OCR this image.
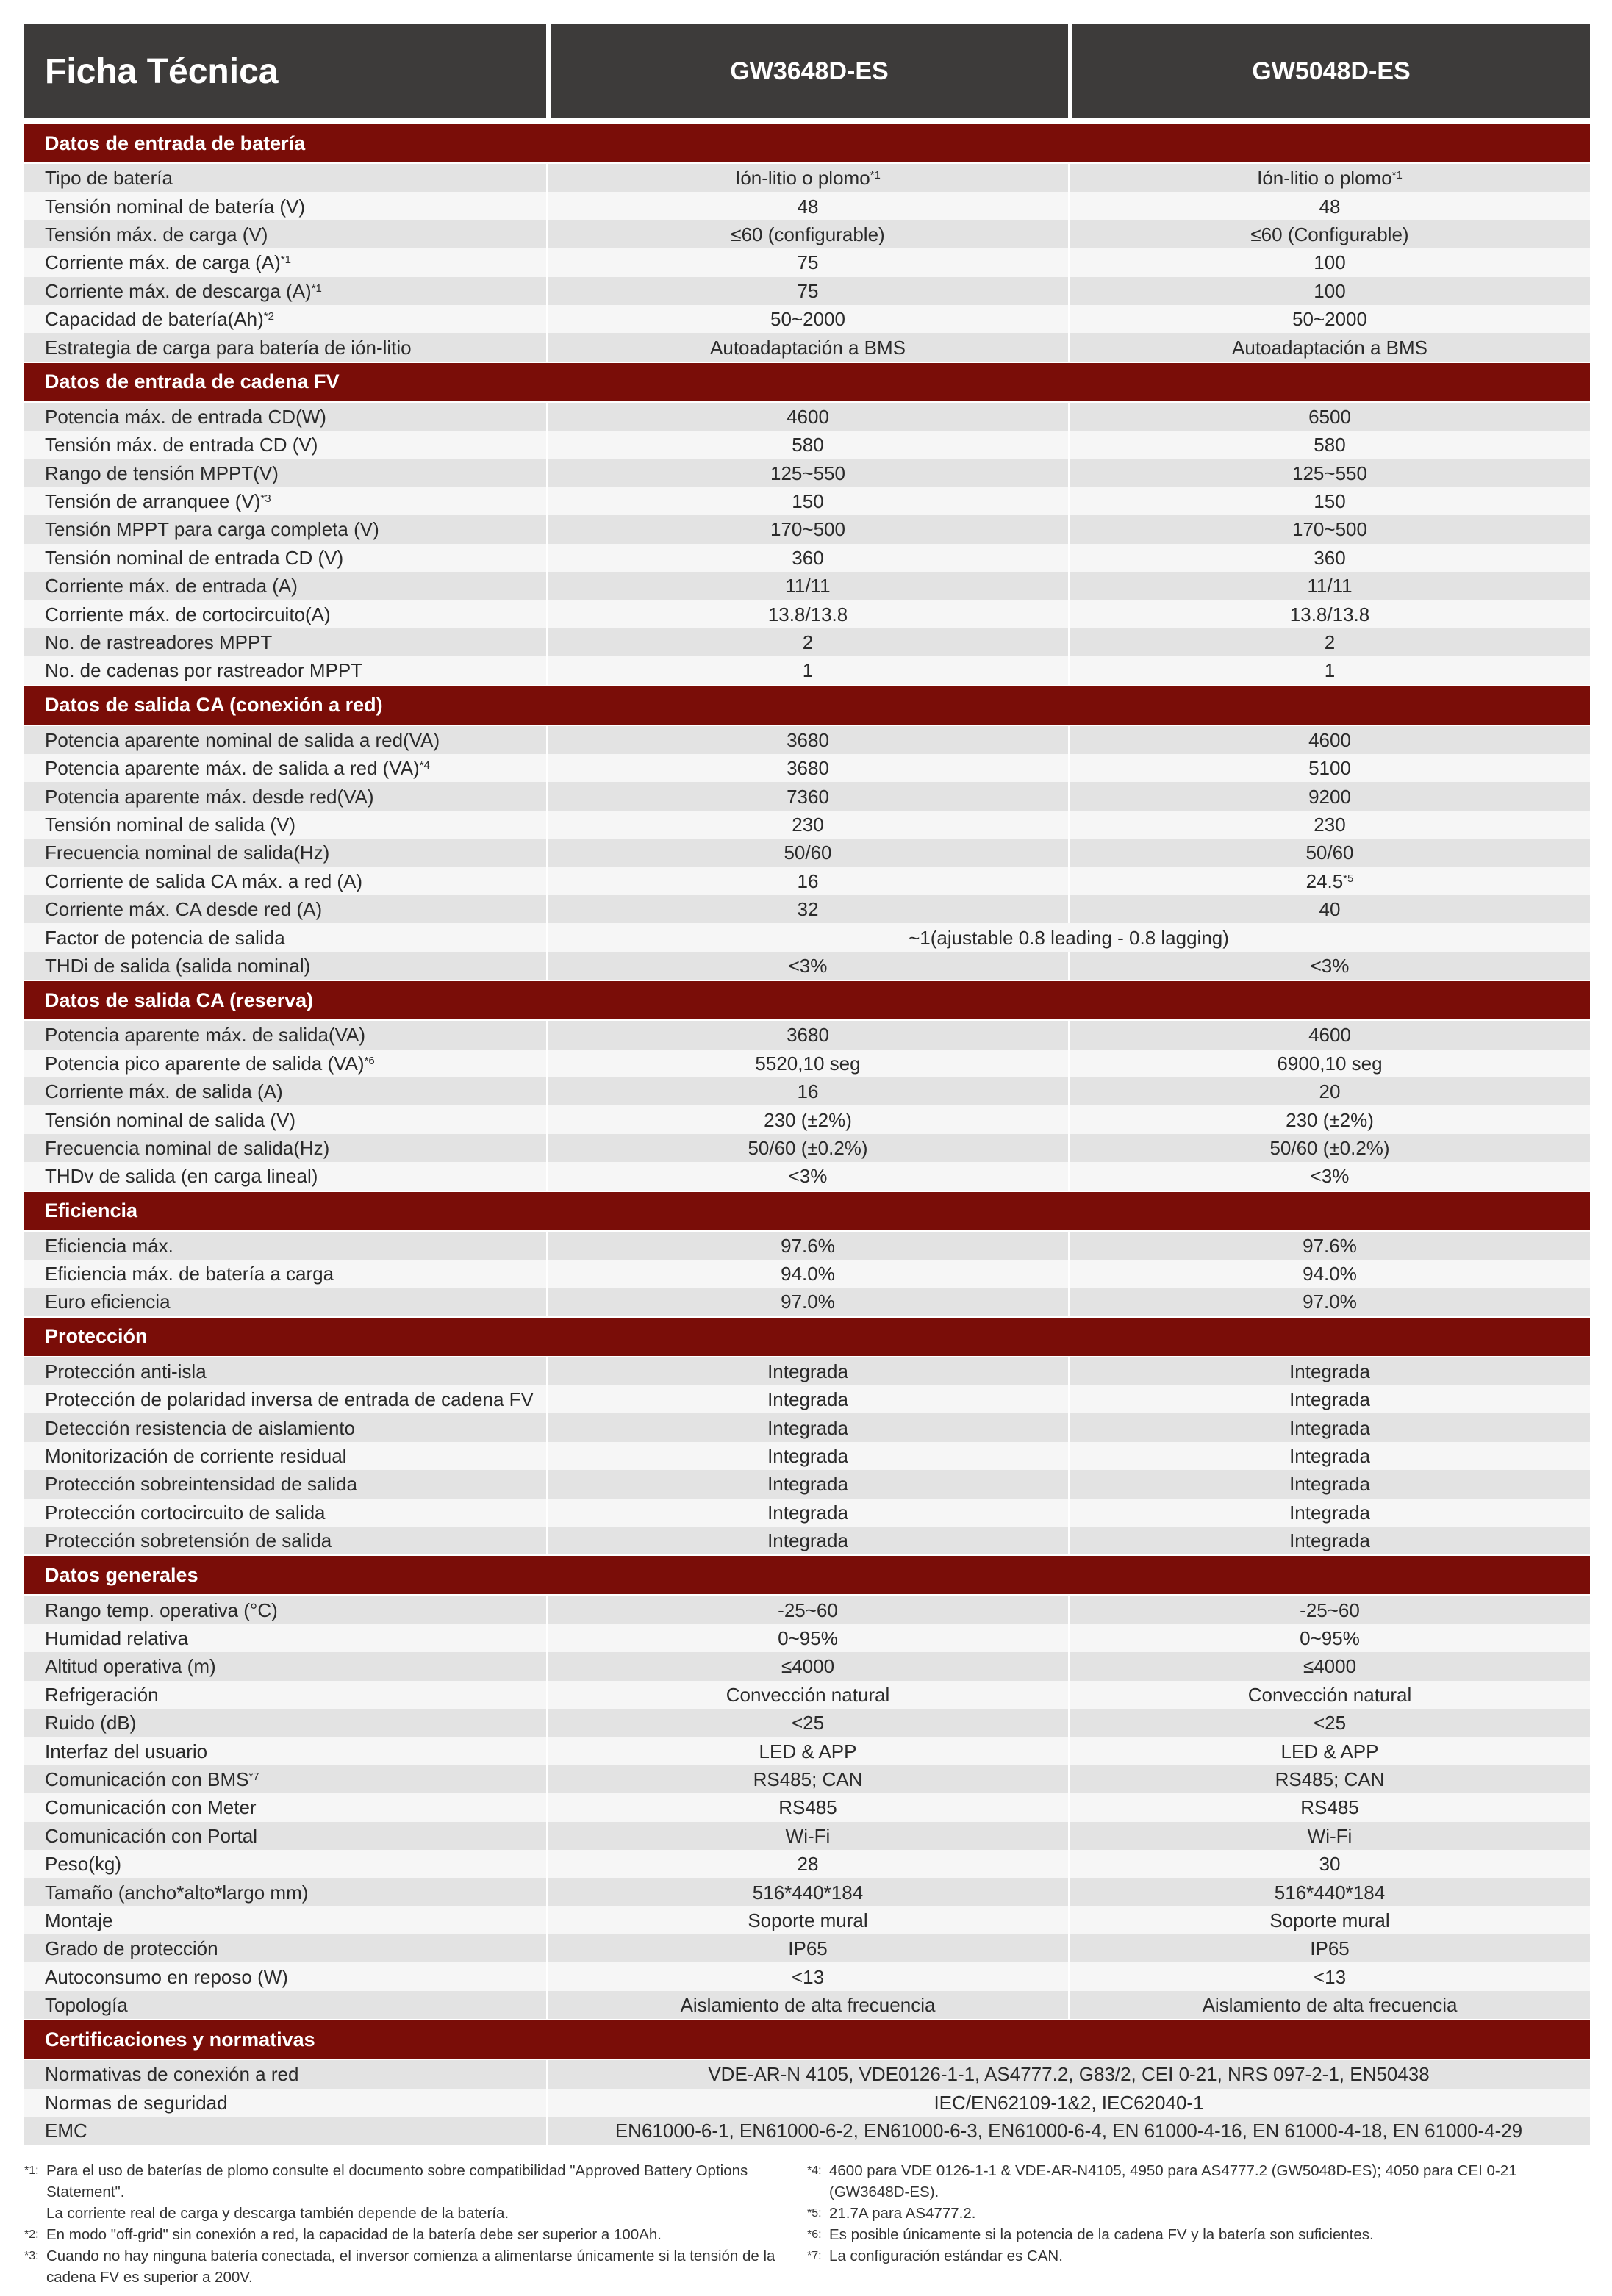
Ficha Técnica	GW3648D-ES	GW5048D-ES
Datos de entrada de batería		
Tipo de batería	Ión-litio o plomo$^{*1}$	Ión-litio o plomo$^{*1}$
Tensión nominal de batería (V)	48	48
Tensión máx. de carga (V)	≤60 (configurable)	≤60 (Configurable)
Corriente máx. de carga $(A)^{*1}$	75	100
Corriente máx. de descarga $(A)^{*1}$	75	100
Capacidad de $batería(Ah)^{*2}$	50~2000	50~2000
Estrategia de carga para batería de ión-litio	Autoadaptación a BMS	Autoadaptación a BMS
Datos de entrada de cadena FV		
Potencia máx. de entrada CD(W)	4600	6500
Tensión máx. de entrada CD (V)	580	580
Rango de tensión MPPT(V)	125~550	125~550
Tensión de arranquee $(V)^{*3}$	150	150
Tensión MPPT para carga completa (V)	170~500	170~500
Tensión nominal de entrada CD (V)	360	360
Corriente máx. de entrada (A)	11/11	11/11
Corriente máx. de cortocircuito(A)	13.8/13.8	13.8/13.8
No. de rastreadores MPPT	2	2
No. de cadenas por rastreador MPPT	1	1
Datos de salida CA (conexión a red)		
Potencia aparente nominal de salida a red(VA)	3680	4600
Potencia aparente máx. de salida a red (VA)$^{*4}$	3680	5100
Potencia aparente máx. desde red(VA)	7360	9200
Tensión nominal de salida (V)	230	230
Frecuencia nominal de salida(Hz)	50/60	50/60
Corriente de salida CA máx. a red (A)	16	24.5$^{*5}$
Corriente máx. CA desde red (A)	32	40
Factor de potencia de salida	~1(ajustable 0.8 leading - 0.8 lagging)	
THDi de salida (salida nominal)	<3%	<3%
Datos de salida CA (reserva)		
Potencia aparente máx. de salida(VA)	3680	4600
Potencia pico aparente de salida (VA)$^{*6}$	5520,10 seg	6900,10 seg
Corriente máx. de salida (A)	16	20
Tensión nominal de salida (V)	230 (±2%)	230 (±2%)
Frecuencia nominal de salida(Hz)	50/60 (±0.2%)	50/60 (±0.2%)
THDv de salida (en carga lineal)	<3%	<3%
Eficiencia		
Eficiencia máx.	97.6%	97.6%
Eficiencia máx. de batería a carga	94.0%	94.0%
Euro eficiencia	97.0%	97.0%
Protección		
Protección anti-isla	Integrada	Integrada
Protección de polaridad inversa de entrada de cadena FV	Integrada	Integrada
Detección resistencia de aislamiento	Integrada	Integrada
Monitorización de corriente residual	Integrada	Integrada
Protección sobreintensidad de salida	Integrada	Integrada
Protección cortocircuito de salida	Integrada	Integrada
Protección sobretensión de salida	Integrada	Integrada
Datos generales		
Rango temp. operativa (°C)	-25~60	-25~60
Humidad relativa	0~95%	0~95%
Altitud operativa (m)	≤4000	≤4000
Refrigeración	Convección natural	Convección natural
Ruido (dB)	<25	<25
Interfaz del usuario	LED & APP	LED & APP
Comunicación con BMS$^{*7}$	RS485; CAN	RS485; CAN
Comunicación con Meter	RS485	RS485
Comunicación con Portal	Wi-Fi	Wi-Fi
Peso(kg)	28	30
Tamaño (ancho*alto*largo mm)	516*440*184	516*440*184
Montaje	Soporte mural	Soporte mural
Grado de protección	IP65	IP65
Autoconsumo en reposo (W)	<13	<13
Topología	Aislamiento de alta frecuencia	Aislamiento de alta frecuencia
Certificaciones y normativas		
Normativas de conexión a red	VDE-AR-N 4105, VDE0126-1-1, AS4777.2, G83/2, CEI 0-21, NRS 097-2-1, EN50438	
Normas de seguridad	IEC/EN62109-1&2, IEC62040-1	
EMC	EN61000-6-1, EN61000-6-2, EN61000-6-3, EN61000-6-4, EN 61000-4-16, EN 61000-4-18, EN 61000-4-29	
*1: Para el uso de baterías de plomo consulte el documento sobre compatibilidad "Approved Battery Options Statement".
La corriente real de carga y descarga también depende de la batería.
*2: En modo "off-grid" sin conexión a red, la capacidad de la batería debe ser superior a 100Ah.
*3: Cuando no hay ninguna batería conectada, el inversor comienza a alimentarse únicamente si la tensión de la cadena FV es superior a 200V.
*4: 4600 para VDE 0126-1-1 & VDE-AR-N4105, 4950 para AS4777.2 (GW5048D-ES); 4050 para CEI 0-21 (GW3648D-ES).
*5: 21.7A para AS4777.2.
*6: Es posible únicamente si la potencia de la cadena FV y la batería son suficientes.
*7: La configuración estándar es CAN.
